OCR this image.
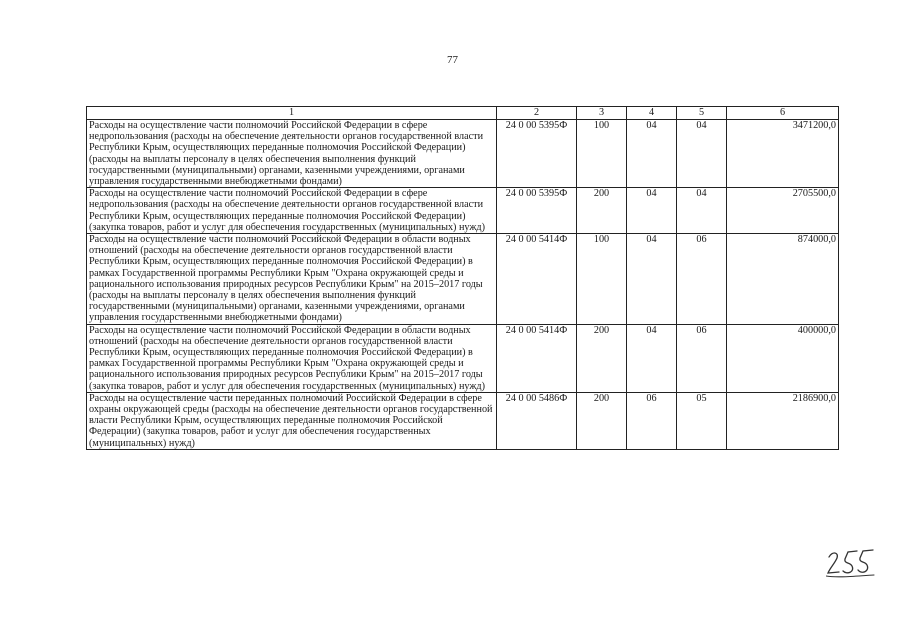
77
1	2	3	4	5	6
Расходы на осуществление части полномочий Российской Федерации в сфере недропользования (расходы на обеспечение деятельности органов государственной власти Республики Крым, осуществляющих переданные полномочия Российской Федерации) (расходы на выплаты персоналу в целях обеспечения выполнения функций государственными (муниципальными) органами, казенными учреждениями, органами управления государственными внебюджетными фондами)	24 0 00 5395Ф	100	04	04	3471200,0
Расходы на осуществление части полномочий Российской Федерации в сфере недропользования (расходы на обеспечение деятельности органов государственной власти Республики Крым, осуществляющих переданные полномочия Российской Федерации) (закупка товаров, работ и услуг для обеспечения государственных (муниципальных) нужд)	24 0 00 5395Ф	200	04	04	2705500,0
Расходы на осуществление части полномочий Российской Федерации в области водных отношений (расходы на обеспечение деятельности органов государственной власти Республики Крым, осуществляющих переданные полномочия Российской Федерации) в рамках Государственной программы Республики Крым "Охрана окружающей среды и рационального использования природных ресурсов Республики Крым" на 2015–2017 годы (расходы на выплаты персоналу в целях обеспечения выполнения функций государственными (муниципальными) органами, казенными учреждениями, органами управления государственными внебюджетными фондами)	24 0 00 5414Ф	100	04	06	874000,0
Расходы на осуществление части полномочий Российской Федерации в области водных отношений (расходы на обеспечение деятельности органов государственной власти Республики Крым, осуществляющих переданные полномочия Российской Федерации) в рамках Государственной программы Республики Крым "Охрана окружающей среды и рационального использования природных ресурсов Республики Крым" на 2015–2017 годы (закупка товаров, работ и услуг для обеспечения государственных (муниципальных) нужд)	24 0 00 5414Ф	200	04	06	400000,0
Расходы на осуществление части переданных полномочий Российской Федерации в сфере охраны окружающей среды (расходы на обеспечение деятельности органов государственной власти Республики Крым, осуществляющих переданные полномочия Российской Федерации) (закупка товаров, работ и услуг для обеспечения государственных (муниципальных) нужд)	24 0 00 5486Ф	200	06	05	2186900,0
